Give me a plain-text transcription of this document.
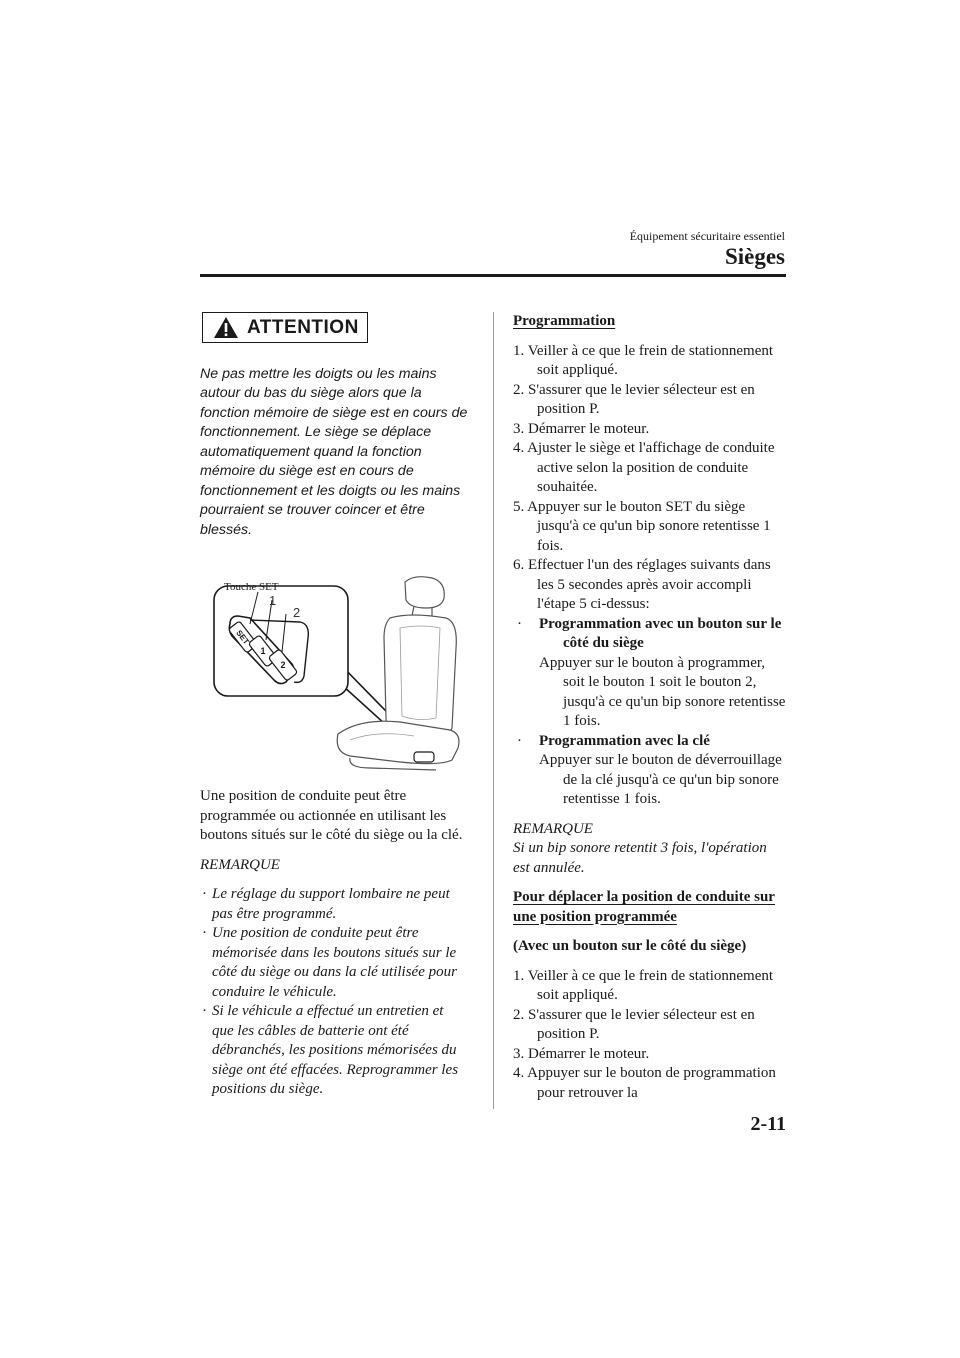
Équipement sécuritaire essentiel
Sièges
ATTENTION

Ne pas mettre les doigts ou les mains autour du bas du siège alors que la fonction mémoire de siège est en cours de fonctionnement. Le siège se déplace automatiquement quand la fonction mémoire du siège est en cours de fonctionnement et les doigts ou les mains pourraient se trouver coincer et être blessés.

SET
1
2
Touche SET
1
2

Une position de conduite peut être programmée ou actionnée en utilisant les boutons situés sur le côté du siège ou la clé.

REMARQUE

· Le réglage du support lombaire ne peut pas être programmé.
· Une position de conduite peut être mémorisée dans les boutons situés sur le côté du siège ou dans la clé utilisée pour conduire le véhicule.
· Si le véhicule a effectué un entretien et que les câbles de batterie ont été débranchés, les positions mémorisées du siège ont été effacées. Reprogrammer les positions du siège.

Programmation

1. Veiller à ce que le frein de stationnement soit appliqué.
2. S'assurer que le levier sélecteur est en position P.
3. Démarrer le moteur.
4. Ajuster le siège et l'affichage de conduite active selon la position de conduite souhaitée.
5. Appuyer sur le bouton SET du siège jusqu'à ce qu'un bip sonore retentisse 1 fois.
6. Effectuer l'un des réglages suivants dans les 5 secondes après avoir accompli l'étape 5 ci-dessus:
· Programmation avec un bouton sur le côté du siège
Appuyer sur le bouton à programmer, soit le bouton 1 soit le bouton 2, jusqu'à ce qu'un bip sonore retentisse 1 fois.
· Programmation avec la clé
Appuyer sur le bouton de déverrouillage de la clé jusqu'à ce qu'un bip sonore retentisse 1 fois.
REMARQUE

Si un bip sonore retentit 3 fois, l'opération est annulée.

Pour déplacer la position de conduite sur une position programmée

(Avec un bouton sur le côté du siège)

1. Veiller à ce que le frein de stationnement soit appliqué.
2. S'assurer que le levier sélecteur est en position P.
3. Démarrer le moteur.
4. Appuyer sur le bouton de programmation pour retrouver la
2-11
